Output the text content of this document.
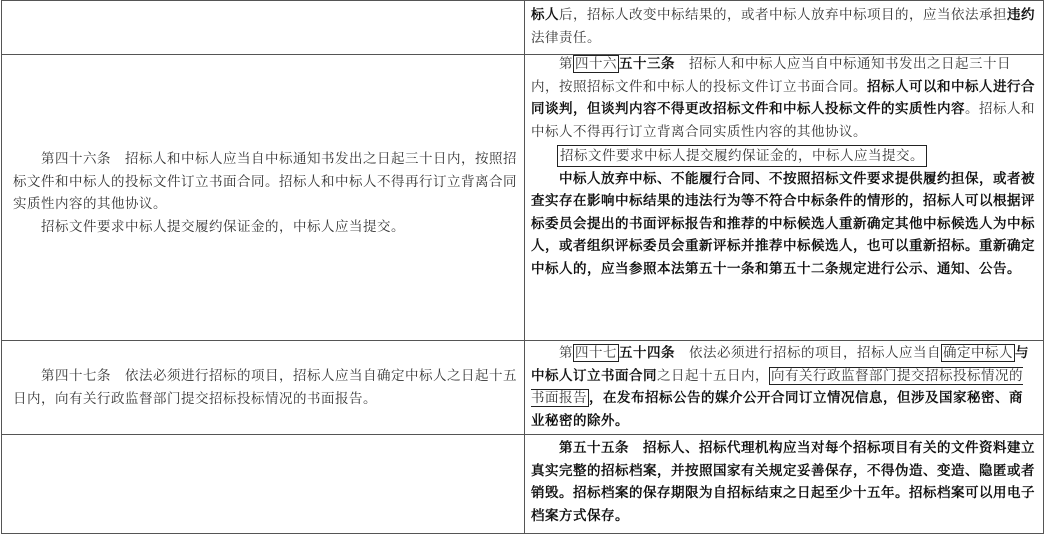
标人后，招标人改变中标结果的，或者中标人放弃中标项目的，应当依法承担违约法律责任。

第四十六条　招标人和中标人应当自中标通知书发出之日起三十日内，按照招标文件和中标人的投标文件订立书面合同。招标人和中标人不得再行订立背离合同实质性内容的其他协议。

招标文件要求中标人提交履约保证金的，中标人应当提交。

第 四十六 五十三条　 招标人和中标人应当自中标通知书发出之日起三十日内，按照招标文件和中标人的投标文件订立书面合同。招标人可以和中标人进行合同谈判，但谈判内容不得更改招标文件和中标人投标文件的实质性内容。招标人和中标人不得再行订立背离合同实质性内容的其他协议。

招标文件要求中标人提交履约保证金的，中标人应当提交。

中标人放弃中标、不能履行合同、不按照招标文件要求提供履约担保，或者被查实存在影响中标结果的违法行为等不符合中标条件的情形的，招标人可以根据评标委员会提出的书面评标报告和推荐的中标候选人重新确定其他中标候选人为中标人，或者组织评标委员会重新评标并推荐中标候选人，也可以重新招标。重新确定中标人的，应当参照本法第五十一条和第五十二条规定进行公示、通知、公告。

第四十七条　依法必须进行招标的项目，招标人应当自确定中标人之日起十五日内，向有关行政监督部门提交招标投标情况的书面报告。

第 四十七 五十四条　 依法必须进行招标的项目，招标人应当自 确定中标人 与中标人订立书面合同之日起十五日内， 向有关行政监督部门提交招标投标情况的书面报告 ，在发布招标公告的媒介公开合同订立情况信息，但涉及国家秘密、商业秘密的除外。

第五十五条　招标人、招标代理机构应当对每个招标项目有关的文件资料建立真实完整的招标档案，并按照国家有关规定妥善保存，不得伪造、变造、隐匿或者销毁。招标档案的保存期限为自招标结束之日起至少十五年。招标档案可以用电子档案方式保存。
